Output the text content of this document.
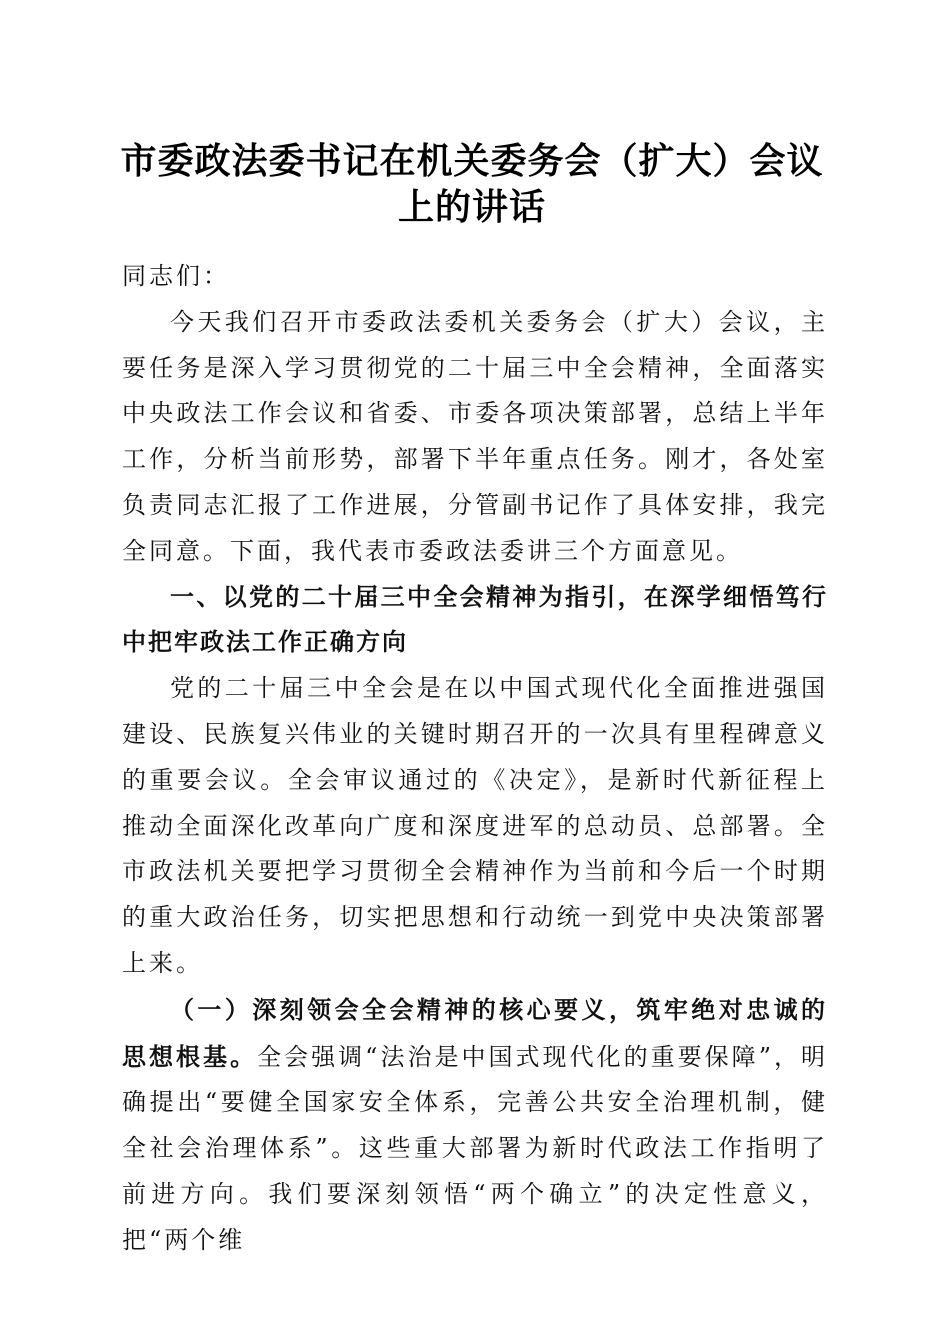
市委政法委书记在机关委务会（扩大）会议上的讲话

同志们：

今天我们召开市委政法委机关委务会（扩大）会议，主要任务是深入学习贯彻党的二十届三中全会精神，全面落实中央政法工作会议和省委、市委各项决策部署，总结上半年工作，分析当前形势，部署下半年重点任务。刚才，各处室负责同志汇报了工作进展，分管副书记作了具体安排，我完全同意。下面，我代表市委政法委讲三个方面意见。

一、以党的二十届三中全会精神为指引，在深学细悟笃行中把牢政法工作正确方向

党的二十届三中全会是在以中国式现代化全面推进强国建设、民族复兴伟业的关键时期召开的一次具有里程碑意义的重要会议。全会审议通过的《决定》，是新时代新征程上推动全面深化改革向广度和深度进军的总动员、总部署。全市政法机关要把学习贯彻全会精神作为当前和今后一个时期的重大政治任务，切实把思想和行动统一到党中央决策部署上来。

（一）深刻领会全会精神的核心要义，筑牢绝对忠诚的思想根基。全会强调“法治是中国式现代化的重要保障”，明确提出“要健全国家安全体系，完善公共安全治理机制，健全社会治理体系”。这些重大部署为新时代政法工作指明了前进方向。我们要深刻领悟“两个确立”的决定性意义，把“两个维
